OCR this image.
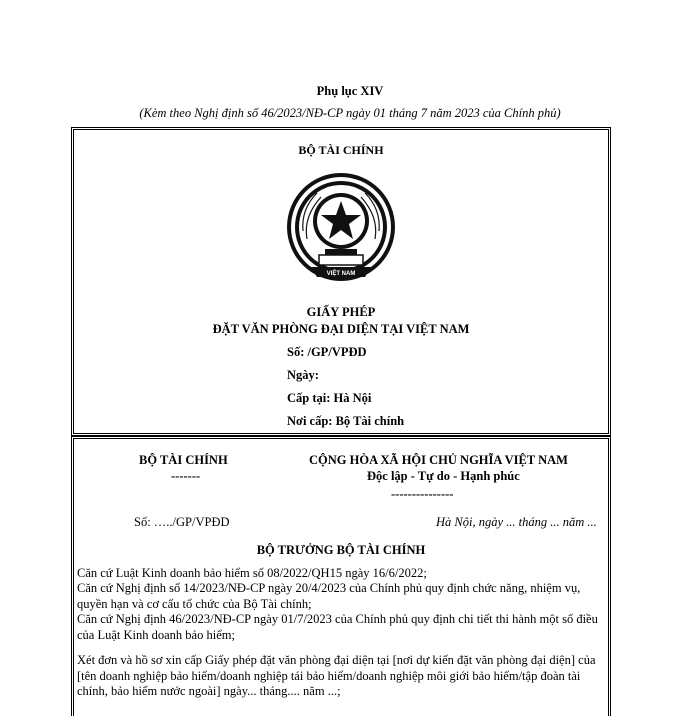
Phụ lục XIV
(Kèm theo Nghị định số 46/2023/NĐ-CP ngày 01 tháng 7 năm 2023 của Chính phủ)
BỘ TÀI CHÍNH
VIỆT NAM
GIẤY PHÉP
ĐẶT VĂN PHÒNG ĐẠI DIỆN TẠI VIỆT NAM
Số: /GP/VPĐD
Ngày:
Cấp tại: Hà Nội
Nơi cấp: Bộ Tài chính
BỘ TÀI CHÍNH
-------
CỘNG HÒA XÃ HỘI CHỦ NGHĨA VIỆT NAM
Độc lập - Tự do - Hạnh phúc
---------------
Số: …../GP/VPĐD	Hà Nội, ngày ... tháng ... năm ...
BỘ TRƯỞNG BỘ TÀI CHÍNH
Căn cứ Luật Kinh doanh bảo hiểm số 08/2022/QH15 ngày 16/6/2022;
Căn cứ Nghị định số 14/2023/NĐ-CP ngày 20/4/2023 của Chính phủ quy định chức năng, nhiệm vụ, quyền hạn và cơ cấu tổ chức của Bộ Tài chính;
Căn cứ Nghị định 46/2023/NĐ-CP ngày 01/7/2023 của Chính phủ quy định chi tiết thi hành một số điều của Luật Kinh doanh bảo hiểm;
Xét đơn và hồ sơ xin cấp Giấy phép đặt văn phòng đại diện tại [nơi dự kiến đặt văn phòng đại diện] của [tên doanh nghiệp bảo hiểm/doanh nghiệp tái bảo hiểm/doanh nghiệp môi giới bảo hiểm/tập đoàn tài chính, bảo hiểm nước ngoài] ngày... tháng.... năm ...;
